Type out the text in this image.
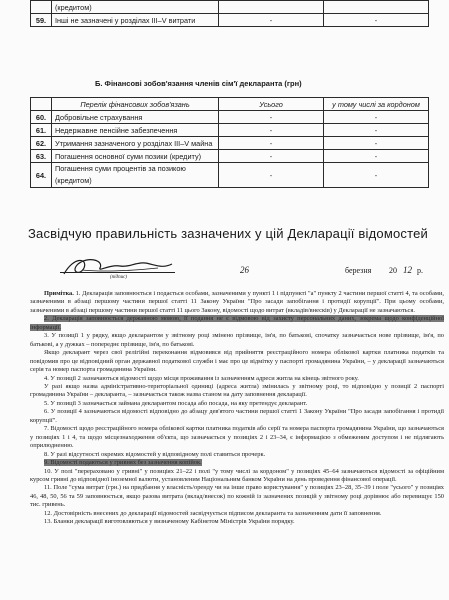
	(кредитом)		
59.	Інші не зазначені у розділах III–V витрати	-	-
Б. Фінансові зобов'язання членів сім'ї декларанта (грн)
	Перелік фінансових зобов'язань	Усього	у тому числі за кордоном
60.	Добровільне страхування	-	-
61.	Недержавне пенсійне забезпечення	-	-
62.	Утримання зазначеного у розділах III–V майна	-	-
63.	Погашення основної суми позики (кредиту)	-	-
64.	Погашення суми процентів за позикою
(кредитом)	-	-
Засвідчую правильність зазначених у цій Декларації відомостей
(підпис)
26	березня 20 12 р.

Примітка. 1. Декларація заповнюється і подається особами, зазначеними у пункті 1 і підпункті "а" пункту 2 частини першої статті 4, та особами, зазначеними в абзаці першому частини першої статті 11 Закону України "Про засади запобігання і протидії корупції". При цьому особами, зазначеними в абзаці першому частини першої статті 11 цього Закону, відомості щодо витрат (вкладів/внесків) у Декларації не зазначаються.

2. Декларація заповнюється державною мовою, її подання не є відмовою від захисту персональних даних, зокрема щодо конфіденційної інформації.

3. У позиції 1 у рядку, якщо декларантом у звітному році змінено прізвище, ім'я, по батькові, спочатку зазначається нове прізвище, ім'я, по батькові, а у дужках – попереднє прізвище, ім'я, по батькові.

Якщо декларант через свої релігійні переконання відмовився від прийняття реєстраційного номера облікової картки платника податків та повідомив про це відповідний орган державної податкової служби і має про це відмітку у паспорті громадянина України, – у декларації зазначаються серія та номер паспорта громадянина України.

4. У позиції 2 зазначаються відомості щодо місця проживання із зазначенням адреси житла на кінець звітного року.

У разі якщо назва адміністративно-територіальної одиниці (адреса житла) змінилась у звітному році, то відповідно у позиції 2 паспорті громадянина України – декларанта, – зазначається також назва станом на дату заповнення декларації.

5. У позиції 3 зазначається займана декларантом посада або посада, на яку претендує декларант.

6. У позиції 4 зазначаються відомості відповідно до абзацу дев'ятого частини першої статті 1 Закону України "Про засади запобігання і протидії корупції".

7. Відомості щодо реєстраційного номера облікової картки платника податків або серії та номера паспорта громадянина України, що зазначаються у позиціях 1 і 4, та щодо місцезнаходження об'єкта, що зазначається у позиціях 2 і 23–34, є інформацією з обмеженим доступом і не підлягають оприлюдненню.

8. У разі відсутності окремих відомостей у відповідному полі ставиться прочерк.

9. Відомості подаються у гривнях без зазначення копійок.

10. У полі "перераховано у гривні" у позиціях 21–22 і полі "у тому числі за кордоном" у позиціях 45–64 зазначаються відомості за офіційним курсом гривні до відповідної іноземної валюти, установленим Національним банком України на день проведення фінансової операції.

11. Поле "сума витрат (грн.) на придбання у власність/оренду чи на інше право користування" у позиціях 23–28, 35–39 і поле "усього" у позиціях 46, 48, 50, 56 та 59 заповнюється, якщо разова витрата (вклад/внесок) по кожній із зазначених позицій у звітному році дорівнює або перевищує 150 тис. гривень.

12. Достовірність внесених до декларації відомостей засвідчується підписом декларанта та зазначенням дати її заповнення.

13. Бланки декларації виготовляються у визначеному Кабінетом Міністрів України порядку.
